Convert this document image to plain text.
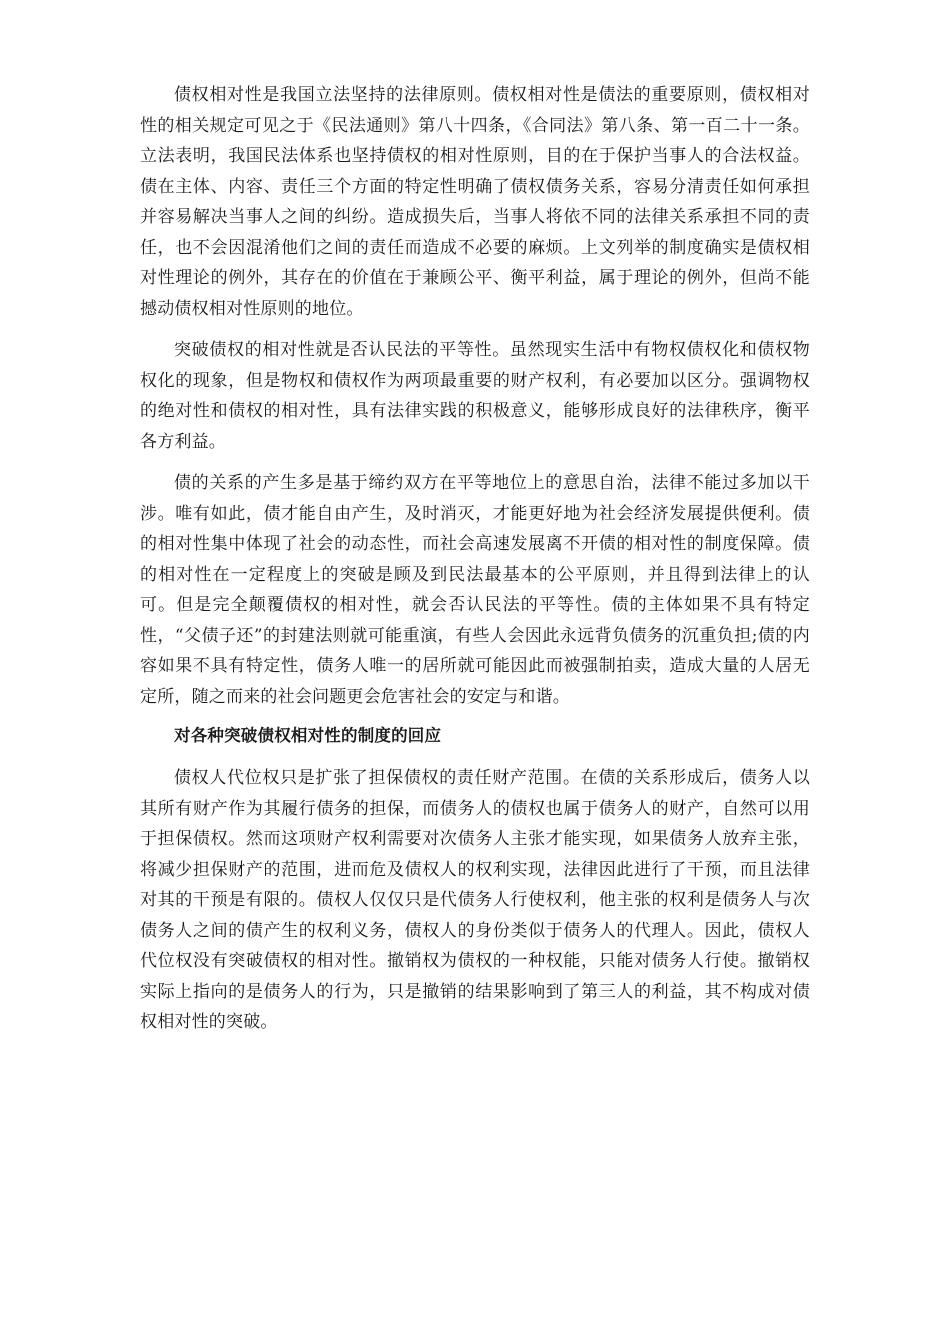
债权相对性是我国立法坚持的法律原则。债权相对性是债法的重要原则，债权相对性的相关规定可见之于《民法通则》第八十四条，《合同法》第八条、第一百二十一条。立法表明，我国民法体系也坚持债权的相对性原则，目的在于保护当事人的合法权益。债在主体、内容、责任三个方面的特定性明确了债权债务关系，容易分清责任如何承担并容易解决当事人之间的纠纷。造成损失后，当事人将依不同的法律关系承担不同的责任，也不会因混淆他们之间的责任而造成不必要的麻烦。上文列举的制度确实是债权相对性理论的例外，其存在的价值在于兼顾公平、衡平利益，属于理论的例外，但尚不能撼动债权相对性原则的地位。

突破债权的相对性就是否认民法的平等性。虽然现实生活中有物权债权化和债权物权化的现象，但是物权和债权作为两项最重要的财产权利，有必要加以区分。强调物权的绝对性和债权的相对性，具有法律实践的积极意义，能够形成良好的法律秩序，衡平各方利益。

债的关系的产生多是基于缔约双方在平等地位上的意思自治，法律不能过多加以干涉。唯有如此，债才能自由产生，及时消灭，才能更好地为社会经济发展提供便利。债的相对性集中体现了社会的动态性，而社会高速发展离不开债的相对性的制度保障。债的相对性在一定程度上的突破是顾及到民法最基本的公平原则，并且得到法律上的认可。但是完全颠覆债权的相对性，就会否认民法的平等性。债的主体如果不具有特定性，“父债子还”的封建法则就可能重演，有些人会因此永远背负债务的沉重负担;债的内容如果不具有特定性，债务人唯一的居所就可能因此而被强制拍卖，造成大量的人居无定所，随之而来的社会问题更会危害社会的安定与和谐。

对各种突破债权相对性的制度的回应

债权人代位权只是扩张了担保债权的责任财产范围。在债的关系形成后，债务人以其所有财产作为其履行债务的担保，而债务人的债权也属于债务人的财产，自然可以用于担保债权。然而这项财产权利需要对次债务人主张才能实现，如果债务人放弃主张，将减少担保财产的范围，进而危及债权人的权利实现，法律因此进行了干预，而且法律对其的干预是有限的。债权人仅仅只是代债务人行使权利，他主张的权利是债务人与次债务人之间的债产生的权利义务，债权人的身份类似于债务人的代理人。因此，债权人代位权没有突破债权的相对性。撤销权为债权的一种权能，只能对债务人行使。撤销权实际上指向的是债务人的行为，只是撤销的结果影响到了第三人的利益，其不构成对债权相对性的突破。
